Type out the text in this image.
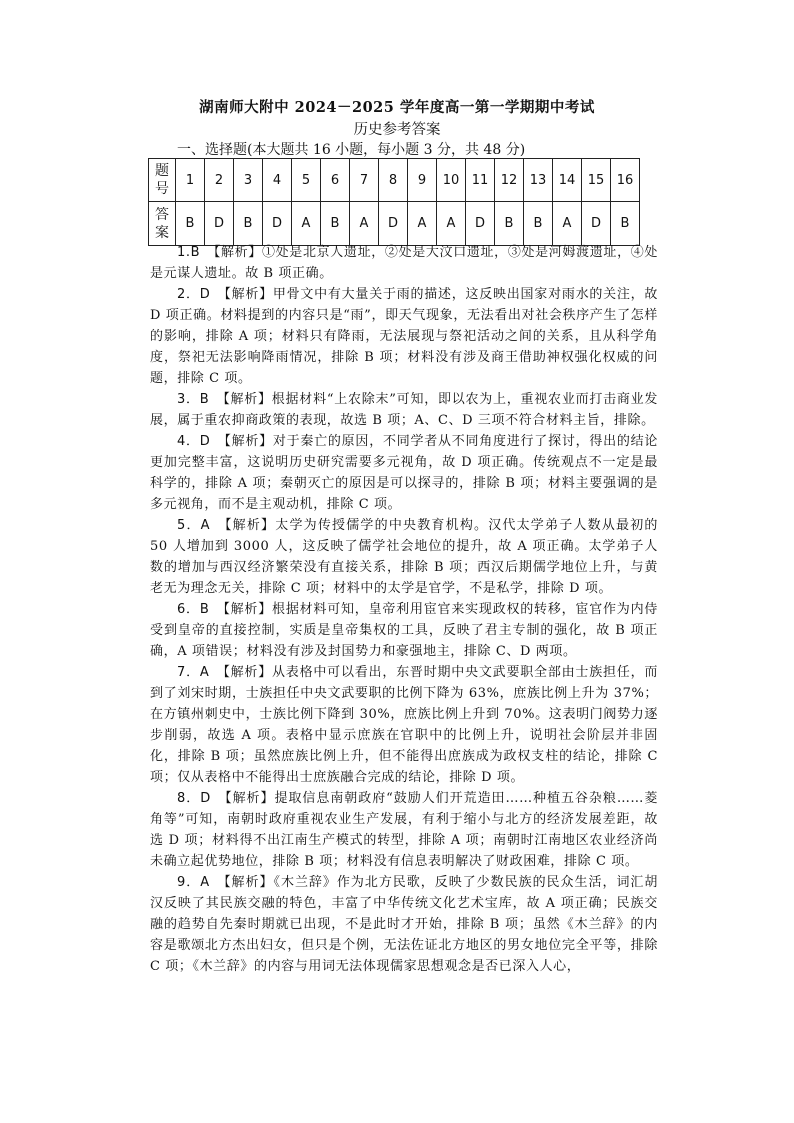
湖南师大附中 2024－2025 学年度高一第一学期期中考试
历史参考答案
一、选择题(本大题共 16 小题，每小题 3 分，共 48 分)
题号	1	2	3	4	5	6	7	8	9	10	11	12	13	14	15	16
答案	B	D	B	D	A	B	A	D	A	A	D	B	B	A	D	B

1.B　【解析】①处是北京人遗址，②处是大汶口遗址，③处是河姆渡遗址，④处是元谋人遗址。故 B 项正确。

2．D　【解析】甲骨文中有大量关于雨的描述，这反映出国家对雨水的关注，故 D 项正确。材料提到的内容只是“雨”，即天气现象，无法看出对社会秩序产生了怎样的影响，排除 A 项；材料只有降雨，无法展现与祭祀活动之间的关系，且从科学角度，祭祀无法影响降雨情况，排除 B 项；材料没有涉及商王借助神权强化权威的问题，排除 C 项。

3．B　【解析】根据材料“上农除末”可知，即以农为上，重视农业而打击商业发展，属于重农抑商政策的表现，故选 B 项；A、C、D 三项不符合材料主旨，排除。

4．D　【解析】对于秦亡的原因，不同学者从不同角度进行了探讨，得出的结论更加完整丰富，这说明历史研究需要多元视角，故 D 项正确。传统观点不一定是最科学的，排除 A 项；秦朝灭亡的原因是可以探寻的，排除 B 项；材料主要强调的是多元视角，而不是主观动机，排除 C 项。

5．A　【解析】太学为传授儒学的中央教育机构。汉代太学弟子人数从最初的 50 人增加到 3000 人，这反映了儒学社会地位的提升，故 A 项正确。太学弟子人数的增加与西汉经济繁荣没有直接关系，排除 B 项；西汉后期儒学地位上升，与黄老无为理念无关，排除 C 项；材料中的太学是官学，不是私学，排除 D 项。

6．B　【解析】根据材料可知，皇帝利用宦官来实现政权的转移，宦官作为内侍受到皇帝的直接控制，实质是皇帝集权的工具，反映了君主专制的强化，故 B 项正确，A 项错误；材料没有涉及封国势力和豪强地主，排除 C、D 两项。

7．A　【解析】从表格中可以看出，东晋时期中央文武要职全部由士族担任，而到了刘宋时期，士族担任中央文武要职的比例下降为 63%，庶族比例上升为 37%；在方镇州刺史中，士族比例下降到 30%，庶族比例上升到 70%。这表明门阀势力逐步削弱，故选 A 项。表格中显示庶族在官职中的比例上升，说明社会阶层并非固化，排除 B 项；虽然庶族比例上升，但不能得出庶族成为政权支柱的结论，排除 C 项；仅从表格中不能得出士庶族融合完成的结论，排除 D 项。

8．D　【解析】提取信息南朝政府“鼓励人们开荒造田……种植五谷杂粮……菱角等”可知，南朝时政府重视农业生产发展，有利于缩小与北方的经济发展差距，故选 D 项；材料得不出江南生产模式的转型，排除 A 项；南朝时江南地区农业经济尚未确立起优势地位，排除 B 项；材料没有信息表明解决了财政困难，排除 C 项。

9．A　【解析】《木兰辞》作为北方民歌，反映了少数民族的民众生活，词汇胡汉反映了其民族交融的特色，丰富了中华传统文化艺术宝库，故 A 项正确；民族交融的趋势自先秦时期就已出现，不是此时才开始，排除 B 项；虽然《木兰辞》的内容是歌颂北方杰出妇女，但只是个例，无法佐证北方地区的男女地位完全平等，排除 C 项；《木兰辞》的内容与用词无法体现儒家思想观念是否已深入人心，
